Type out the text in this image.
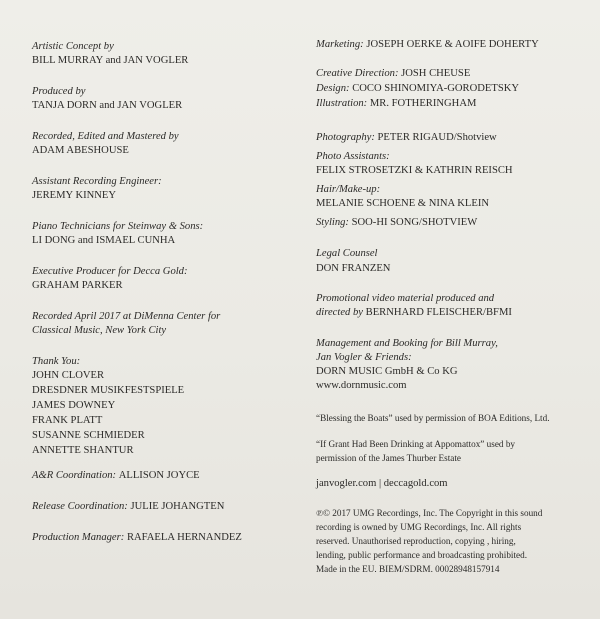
Artistic Concept by
BILL MURRAY and JAN VOGLER
Produced by
TANJA DORN and JAN VOGLER
Recorded, Edited and Mastered by
ADAM ABESHOUSE
Assistant Recording Engineer:
JEREMY KINNEY
Piano Technicians for Steinway & Sons:
LI DONG and ISMAEL CUNHA
Executive Producer for Decca Gold:
GRAHAM PARKER
Recorded April 2017 at DiMenna Center for
Classical Music, New York City
Thank You:
JOHN CLOVER
DRESDNER MUSIKFESTSPIELE
JAMES DOWNEY
FRANK PLATT
SUSANNE SCHMIEDER
ANNETTE SHANTUR
A&R Coordination: ALLISON JOYCE
Release Coordination: JULIE JOHANGTEN
Production Manager: RAFAELA HERNANDEZ
Marketing: JOSEPH OERKE & AOIFE DOHERTY
Creative Direction: JOSH CHEUSE
Design: COCO SHINOMIYA-GORODETSKY
Illustration: MR. FOTHERINGHAM
Photography: PETER RIGAUD/Shotview
Photo Assistants:
FELIX STROSETZKI & KATHRIN REISCH
Hair/Make-up:
MELANIE SCHOENE & NINA KLEIN
Styling: SOO-HI SONG/SHOTVIEW
Legal Counsel
DON FRANZEN
Promotional video material produced and
directed by BERNHARD FLEISCHER/BFMI
Management and Booking for Bill Murray,
Jan Vogler & Friends:
DORN MUSIC GmbH & Co KG
www.dornmusic.com
“Blessing the Boats” used by permission of BOA Editions, Ltd.
“If Grant Had Been Drinking at Appomattox” used by
permission of the James Thurber Estate
janvogler.com | deccagold.com
℗© 2017 UMG Recordings, Inc. The Copyright in this sound
recording is owned by UMG Recordings, Inc. All rights
reserved. Unauthorised reproduction, copying , hiring,
lending, public performance and broadcasting prohibited.
Made in the EU. BIEM/SDRM. 00028948157914
